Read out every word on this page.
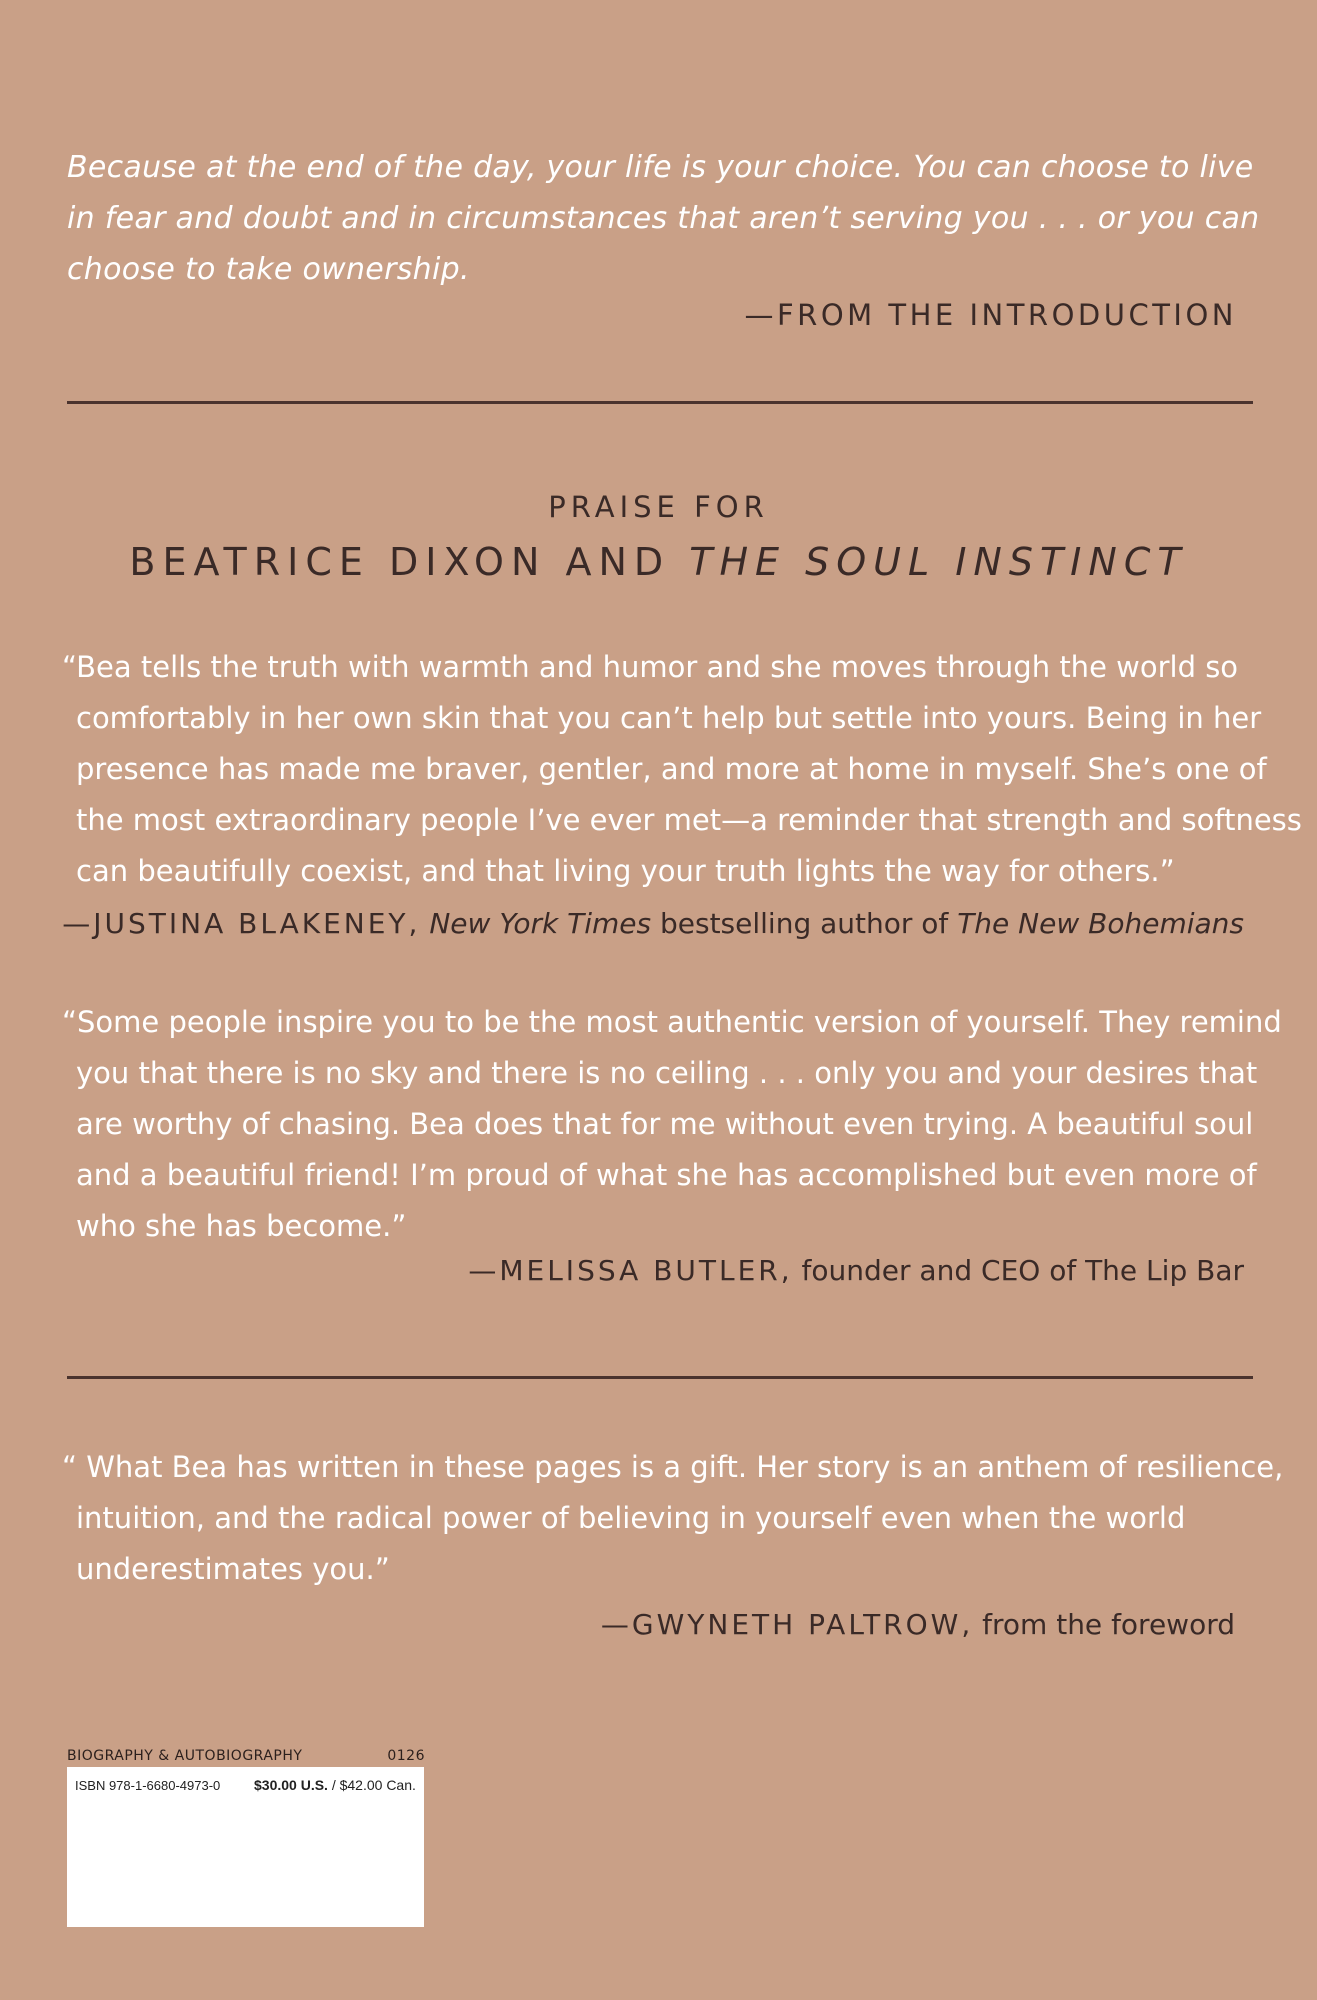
Because at the end of the day, your life is your choice. You can choose to live
in fear and doubt and in circumstances that aren’t serving you . . . or you can
choose to take ownership.
—FROM THE INTRODUCTION
PRAISE FOR
BEATRICE DIXON AND THE SOUL INSTINCT
“Bea tells the truth with warmth and humor and she moves through the world so
comfortably in her own skin that you can’t help but settle into yours. Being in her
presence has made me braver, gentler, and more at home in myself. She’s one of
the most extraordinary people I’ve ever met—a reminder that strength and softness
can beautifully coexist, and that living your truth lights the way for others.”
—JUSTINA BLAKENEY, New York Times bestselling author of The New Bohemians
“Some people inspire you to be the most authentic version of yourself. They remind
you that there is no sky and there is no ceiling . . . only you and your desires that
are worthy of chasing. Bea does that for me without even trying. A beautiful soul
and a beautiful friend! I’m proud of what she has accomplished but even more of
who she has become.”
—MELISSA BUTLER, founder and CEO of The Lip Bar
“ What Bea has written in these pages is a gift. Her story is an anthem of resilience,
intuition, and the radical power of believing in yourself even when the world
underestimates you.”
—GWYNETH PALTROW, from the foreword
BIOGRAPHY & AUTOBIOGRAPHY	0126
ISBN 978-1-6680-4973-0 $30.00 U.S. / $42.00 Can.
